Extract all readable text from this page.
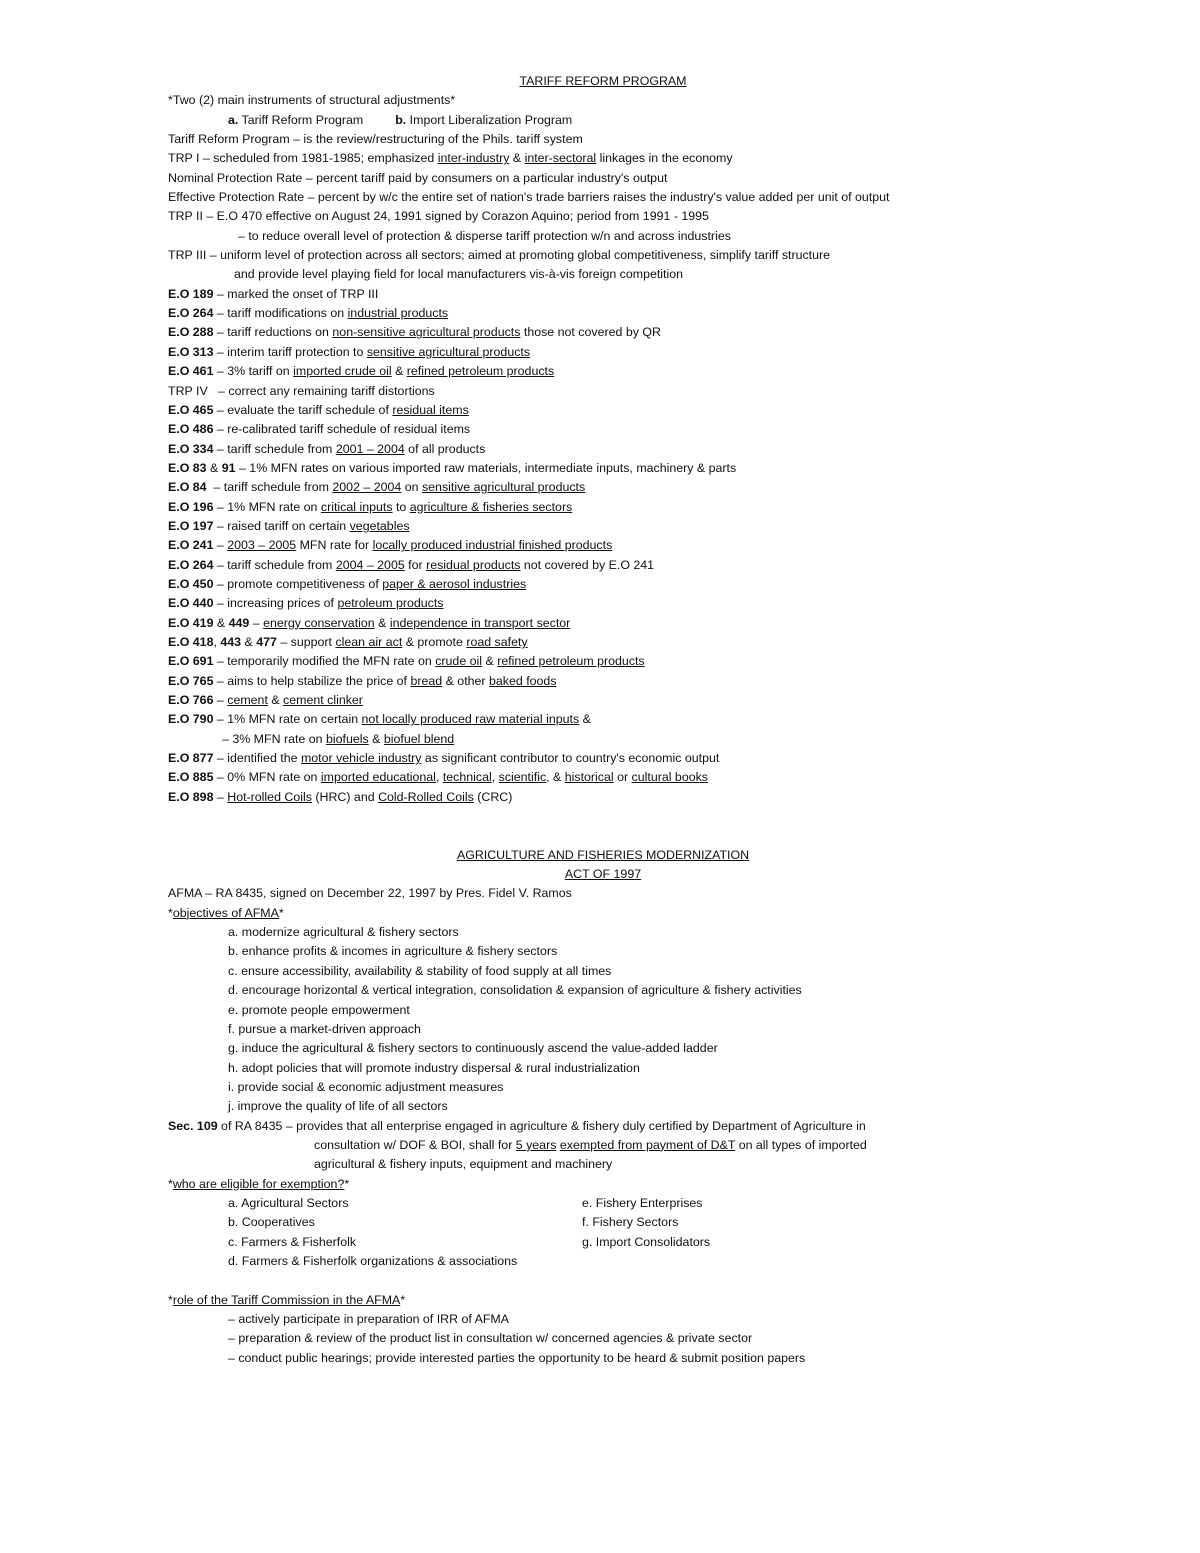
TARIFF REFORM PROGRAM
*Two (2) main instruments of structural adjustments*
a. Tariff Reform Program	b. Import Liberalization Program
Tariff Reform Program – is the review/restructuring of the Phils. tariff system
TRP I – scheduled from 1981-1985; emphasized inter-industry & inter-sectoral linkages in the economy
Nominal Protection Rate – percent tariff paid by consumers on a particular industry's output
Effective Protection Rate – percent by w/c the entire set of nation's trade barriers raises the industry's value added per unit of output
TRP II – E.O 470 effective on August 24, 1991 signed by Corazon Aquino; period from 1991 - 1995
– to reduce overall level of protection & disperse tariff protection w/n and across industries
TRP III – uniform level of protection across all sectors; aimed at promoting global competitiveness, simplify tariff structure
and provide level playing field for local manufacturers vis-à-vis foreign competition
E.O 189 – marked the onset of TRP III
E.O 264 – tariff modifications on industrial products
E.O 288 – tariff reductions on non-sensitive agricultural products those not covered by QR
E.O 313 – interim tariff protection to sensitive agricultural products
E.O 461 – 3% tariff on imported crude oil & refined petroleum products
TRP IV   – correct any remaining tariff distortions
E.O 465 – evaluate the tariff schedule of residual items
E.O 486 – re-calibrated tariff schedule of residual items
E.O 334 – tariff schedule from 2001 – 2004 of all products
E.O 83 & 91 – 1% MFN rates on various imported raw materials, intermediate inputs, machinery & parts
E.O 84  – tariff schedule from 2002 – 2004 on sensitive agricultural products
E.O 196 – 1% MFN rate on critical inputs to agriculture & fisheries sectors
E.O 197 – raised tariff on certain vegetables
E.O 241 – 2003 – 2005 MFN rate for locally produced industrial finished products
E.O 264 – tariff schedule from 2004 – 2005 for residual products not covered by E.O 241
E.O 450 – promote competitiveness of paper & aerosol industries
E.O 440 – increasing prices of petroleum products
E.O 419 & 449 – energy conservation & independence in transport sector
E.O 418, 443 & 477 – support clean air act & promote road safety
E.O 691 – temporarily modified the MFN rate on crude oil & refined petroleum products
E.O 765 – aims to help stabilize the price of bread & other baked foods
E.O 766 – cement & cement clinker
E.O 790 – 1% MFN rate on certain not locally produced raw material inputs &
– 3% MFN rate on biofuels & biofuel blend
E.O 877 – identified the motor vehicle industry as significant contributor to country's economic output
E.O 885 – 0% MFN rate on imported educational, technical, scientific, & historical or cultural books
E.O 898 – Hot-rolled Coils (HRC) and Cold-Rolled Coils (CRC)
AGRICULTURE AND FISHERIES MODERNIZATION
ACT OF 1997
AFMA – RA 8435, signed on December 22, 1997 by Pres. Fidel V. Ramos
*objectives of AFMA*
a. modernize agricultural & fishery sectors
b. enhance profits & incomes in agriculture & fishery sectors
c. ensure accessibility, availability & stability of food supply at all times
d. encourage horizontal & vertical integration, consolidation & expansion of agriculture & fishery activities
e. promote people empowerment
f. pursue a market-driven approach
g. induce the agricultural & fishery sectors to continuously ascend the value-added ladder
h. adopt policies that will promote industry dispersal & rural industrialization
i. provide social & economic adjustment measures
j. improve the quality of life of all sectors
Sec. 109 of RA 8435 – provides that all enterprise engaged in agriculture & fishery duly certified by Department of Agriculture in
consultation w/ DOF & BOI, shall for 5 years exempted from payment of D&T on all types of imported
agricultural & fishery inputs, equipment and machinery
*who are eligible for exemption?*
a. Agricultural Sectors	e. Fishery Enterprises
b. Cooperatives	f. Fishery Sectors
c. Farmers & Fisherfolk	g. Import Consolidators
d. Farmers & Fisherfolk organizations & associations
*role of the Tariff Commission in the AFMA*
– actively participate in preparation of IRR of AFMA
– preparation & review of the product list in consultation w/ concerned agencies & private sector
– conduct public hearings; provide interested parties the opportunity to be heard & submit position papers
